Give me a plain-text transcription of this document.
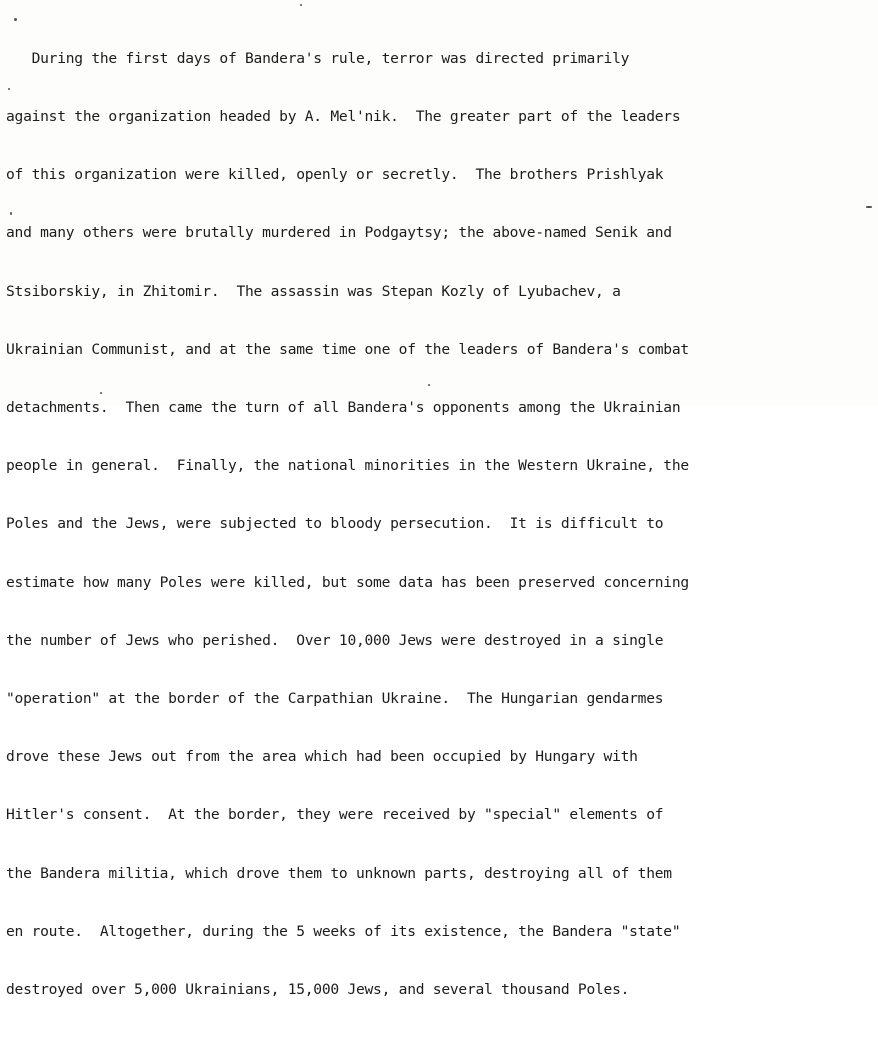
During the first days of Bandera's rule, terror was directed primarily

against the organization headed by A. Mel'nik.  The greater part of the leaders

of this organization were killed, openly or secretly.  The brothers Prishlyak

and many others were brutally murdered in Podgaytsy; the above-named Senik and

Stsiborskiy, in Zhitomir.  The assassin was Stepan Kozly of Lyubachev, a

Ukrainian Communist, and at the same time one of the leaders of Bandera's combat

detachments.  Then came the turn of all Bandera's opponents among the Ukrainian

people in general.  Finally, the national minorities in the Western Ukraine, the

Poles and the Jews, were subjected to bloody persecution.  It is difficult to

estimate how many Poles were killed, but some data has been preserved concerning

the number of Jews who perished.  Over 10,000 Jews were destroyed in a single

"operation" at the border of the Carpathian Ukraine.  The Hungarian gendarmes

drove these Jews out from the area which had been occupied by Hungary with

Hitler's consent.  At the border, they were received by "special" elements of

the Bandera militia, which drove them to unknown parts, destroying all of them

en route.  Altogether, during the 5 weeks of its existence, the Bandera "state"

destroyed over 5,000 Ukrainians, 15,000 Jews, and several thousand Poles.
